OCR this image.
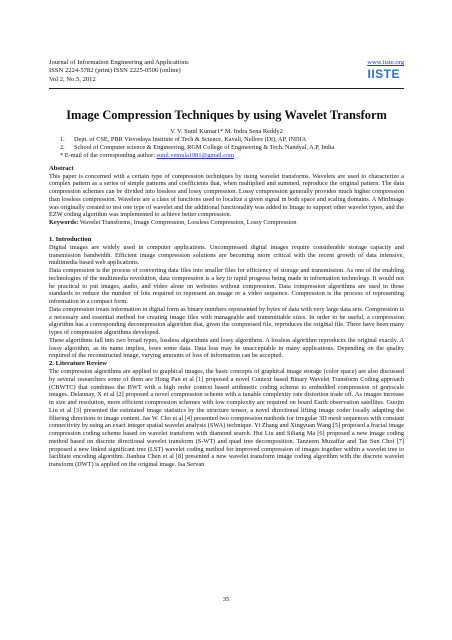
Journal of Information Engineering and Applications
ISSN 2224-5782 (print) ISSN 2225-0506 (online)
Vol 2, No.5, 2012
www.iiste.org
IISTE
Image Compression Techniques by using Wavelet Transform
V. V. Sunil Kumar1* M. Indra Sena Reddy2
1. Dept. of CSE, PBR Visvodaya Institute of Tech & Science, Kavali, Nellore (Dt), AP, INDIA
2. School of Computer science & Engineering, RGM College of Engineering & Tech. Nandyal, A.P, India
* E-mail of the corresponding author: sunil.vemula1981@gmail.com
Abstract

This paper is concerned with a certain type of compression techniques by using wavelet transforms. Wavelets are used to characterize a complex pattern as a series of simple patterns and coefficients that, when multiplied and summed, reproduce the original pattern. The data compression schemes can be divided into lossless and lossy compression. Lossy compression generally provides much higher compression than lossless compression. Wavelets are a class of functions used to localize a given signal in both space and scaling domains. A MinImage was originally created to test one type of wavelet and the additional functionality was added to Image to support other wavelet types, and the EZW coding algorithm was implemented to achieve better compression.

Keywords: Wavelet Transforms, Image Compression, Lossless Compression, Lossy Compression
1. Introduction

Digital images are widely used in computer applications. Uncompressed digital images require considerable storage capacity and transmission bandwidth. Efficient image compression solutions are becoming more critical with the recent growth of data intensive, multimedia based web applications.

Data compression is the process of converting data files into smaller files for efficiency of storage and transmission. As one of the enabling technologies of the multimedia revolution, data compression is a key to rapid progress being made in information technology. It would not be practical to put images, audio, and video alone on websites without compression. Data compression algorithms are used in those standards to reduce the number of bits required to represent an image or a video sequence. Compression is the process of representing information in a compact form.

Data compression treats information in digital form as binary numbers represented by bytes of data with very large data sets. Compression is a necessary and essential method for creating image files with manageable and transmittable sizes. In order to be useful, a compression algorithm has a corresponding decompression algorithm that, given the compressed file, reproduces the original file. There have been many types of compression algorithms developed.

These algorithms fall into two broad types, lossless algorithms and lossy algorithms. A lossless algorithm reproduces the original exactly. A lossy algorithm, as its name implies, loses some data. Data loss may be unacceptable in many applications. Depending on the quality required of the reconstructed image, varying amounts of loss of information can be accepted.

2. Literature Review

The compression algorithms are applied to graphical images, the basic concepts of graphical image storage (color space) are also discussed by several researchers some of them are Hong Pan et al [1] proposed a novel Context based Binary Wavelet Transform Coding approach (CBWTC) that combines the BWT with a high order context based arithmetic coding scheme to embedded compression of grayscale images. Delaunay, X et al [2] proposed a novel compression scheme with a tunable complexity rate distortion trade off. As images increase in size and resolution, more efficient compression schemes with low complexity are required on board Earth observation satellites. Guojin Liu et al [3] presented the estimated image statistics by the structure tensor, a novel directional lifting image coder locally adapting the filtering directions to image content. Jae W. Cho et al [4] presented two compression methods for irregular 3D mesh sequences with constant connectivity by using an exact integer spatial wavelet analysis (SWA) technique. Yi Zhang and Xingyuan Wang [5] proposed a fractal image compression coding scheme based on wavelet transform with diamond search. Hui Liu and Siliang Ma [6] proposed a new image coding method based on discrete directional wavelet transform (S-WT) and quad tree decomposition. Tanzeem Muzaffar and Tae Sun Choi [7] proposed a new linked significant tree (LST) wavelet coding method for improved compression of images together within a wavelet tree to facilitate encoding algorithm. Jianhua Chen et al [8] presented a new wavelet transform image coding algorithm with the discrete wavelet transform (DWT) is applied on the original image. Isa Servan

35
